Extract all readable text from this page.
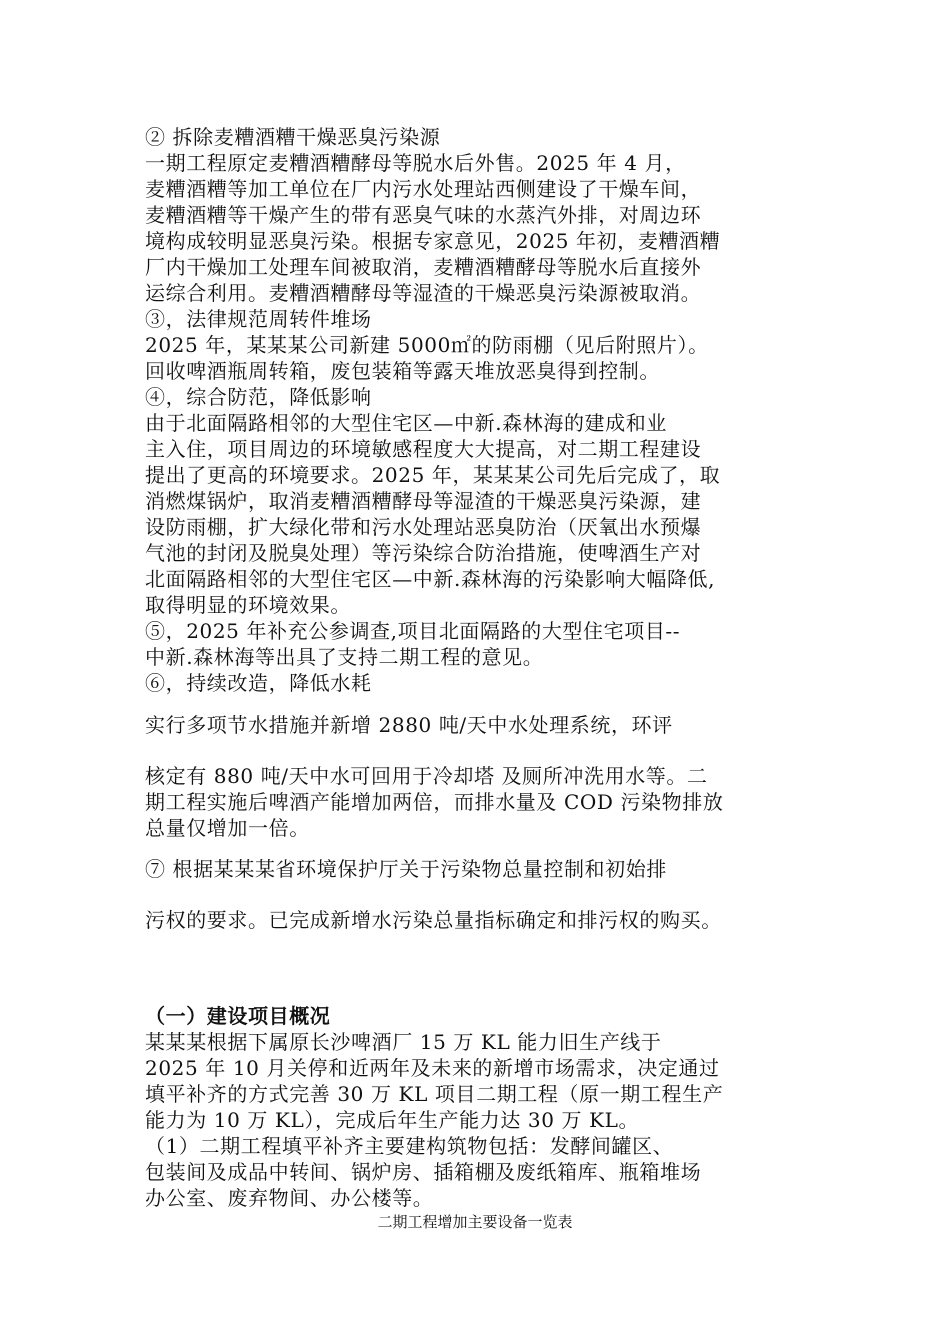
② 拆除麦糟酒糟干燥恶臭污染源
一期工程原定麦糟酒糟酵母等脱水后外售。2025 年 4 月，
麦糟酒糟等加工单位在厂内污水处理站西侧建设了干燥车间，
麦糟酒糟等干燥产生的带有恶臭气味的水蒸汽外排，对周边环
境构成较明显恶臭污染。根据专家意见，2025 年初，麦糟酒糟
厂内干燥加工处理车间被取消，麦糟酒糟酵母等脱水后直接外
运综合利用。麦糟酒糟酵母等湿渣的干燥恶臭污染源被取消。
③，法律规范周转件堆场
2025 年，某某某公司新建 5000㎡的防雨棚（见后附照片）。
回收啤酒瓶周转箱，废包装箱等露天堆放恶臭得到控制。
④，综合防范，降低影响
由于北面隔路相邻的大型住宅区—中新.森林海的建成和业
主入住，项目周边的环境敏感程度大大提高，对二期工程建设
提出了更高的环境要求。2025 年，某某某公司先后完成了，取
消燃煤锅炉，取消麦糟酒糟酵母等湿渣的干燥恶臭污染源，建
设防雨棚，扩大绿化带和污水处理站恶臭防治（厌氧出水预爆
气池的封闭及脱臭处理）等污染综合防治措施，使啤酒生产对
北面隔路相邻的大型住宅区—中新.森林海的污染影响大幅降低,
取得明显的环境效果。
⑤，2025 年补充公参调查,项目北面隔路的大型住宅项目--
中新.森林海等出具了支持二期工程的意见。
⑥，持续改造，降低水耗
实行多项节水措施并新增 2880 吨/天中水处理系统，环评
核定有 880 吨/天中水可回用于冷却塔 及厕所冲洗用水等。二
期工程实施后啤酒产能增加两倍，而排水量及 COD 污染物排放
总量仅增加一倍。
⑦ 根据某某某省环境保护厅关于污染物总量控制和初始排
污权的要求。已完成新增水污染总量指标确定和排污权的购买。
（一）建设项目概况
某某某根据下属原长沙啤酒厂 15 万 KL 能力旧生产线于
2025 年 10 月关停和近两年及未来的新增市场需求，决定通过
填平补齐的方式完善 30 万 KL 项目二期工程（原一期工程生产
能力为 10 万 KL），完成后年生产能力达 30 万 KL。
（1）二期工程填平补齐主要建构筑物包括：发酵间罐区、
包装间及成品中转间、锅炉房、插箱棚及废纸箱库、瓶箱堆场
办公室、废弃物间、办公楼等。
二期工程增加主要设备一览表
